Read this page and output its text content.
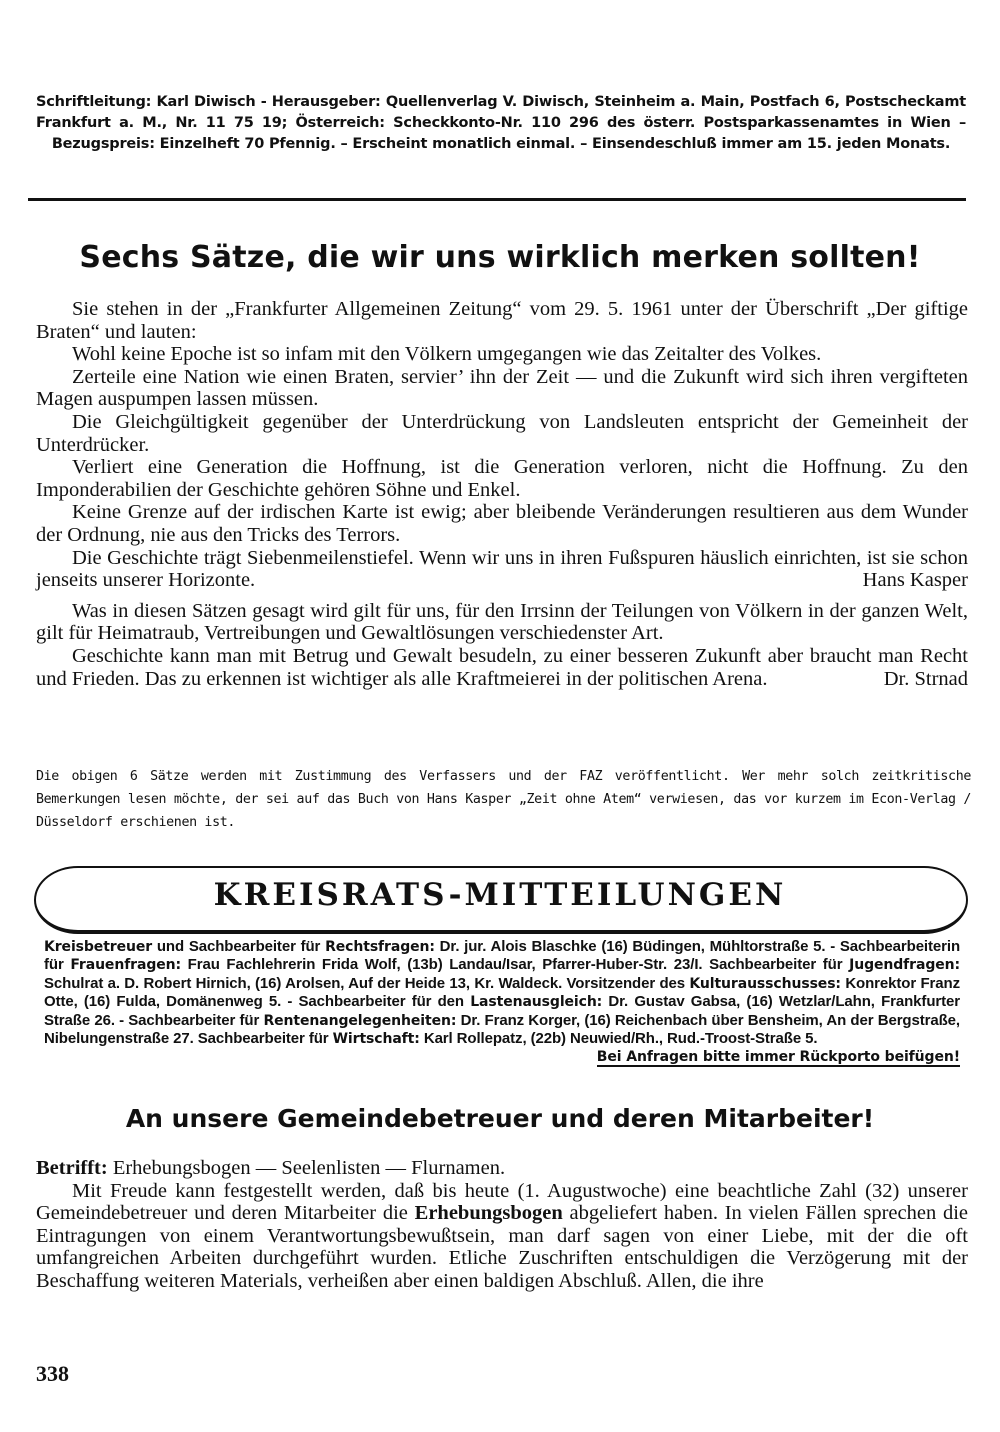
Schriftleitung: Karl Diwisch - Herausgeber: Quellenverlag V. Diwisch, Steinheim a. Main, Postfach 6, Postscheckamt Frankfurt a. M., Nr. 11 75 19; Österreich: Scheckkonto-Nr. 110 296 des österr. Postsparkassenamtes in Wien – Bezugspreis: Einzelheft 70 Pfennig. – Erscheint monatlich einmal. – Einsendeschluß immer am 15. jeden Monats.
Sechs Sätze, die wir uns wirklich merken sollten!

Sie stehen in der „Frankfurter Allgemeinen Zeitung“ vom 29. 5. 1961 unter der Überschrift „Der giftige Braten“ und lauten:

Wohl keine Epoche ist so infam mit den Völkern umgegangen wie das Zeitalter des Volkes.

Zerteile eine Nation wie einen Braten, servier’ ihn der Zeit — und die Zukunft wird sich ihren vergifteten Magen auspumpen lassen müssen.

Die Gleichgültigkeit gegenüber der Unterdrückung von Landsleuten entspricht der Gemeinheit der Unterdrücker.

Verliert eine Generation die Hoffnung, ist die Generation verloren, nicht die Hoffnung. Zu den Imponderabilien der Geschichte gehören Söhne und Enkel.

Keine Grenze auf der irdischen Karte ist ewig; aber bleibende Veränderungen resultieren aus dem Wunder der Ordnung, nie aus den Tricks des Terrors.

Die Geschichte trägt Siebenmeilenstiefel. Wenn wir uns in ihren Fußspuren häuslich einrichten, ist sie schon jenseits unserer Horizonte.	Hans Kasper

Was in diesen Sätzen gesagt wird gilt für uns, für den Irrsinn der Teilungen von Völkern in der ganzen Welt, gilt für Heimatraub, Vertreibungen und Gewaltlösungen verschiedenster Art.

Geschichte kann man mit Betrug und Gewalt besudeln, zu einer besseren Zukunft aber braucht man Recht und Frieden. Das zu erkennen ist wichtiger als alle Kraftmeierei in der politischen Arena.	Dr. Strnad

Die obigen 6 Sätze werden mit Zustimmung des Verfassers und der FAZ veröffentlicht. Wer mehr solch zeitkritische Bemerkungen lesen möchte, der sei auf das Buch von Hans Kasper „Zeit ohne Atem“ verwiesen, das vor kurzem im Econ-Verlag / Düsseldorf erschienen ist.
KREISRATS-MITTEILUNGEN
Kreisbetreuer und Sachbearbeiter für Rechtsfragen: Dr. jur. Alois Blaschke (16) Büdingen, Mühltorstraße 5. - Sachbearbeiterin für Frauenfragen: Frau Fachlehrerin Frida Wolf, (13b) Landau/Isar, Pfarrer-Huber-Str. 23/I. Sachbearbeiter für Jugendfragen: Schulrat a. D. Robert Hirnich, (16) Arolsen, Auf der Heide 13, Kr. Waldeck. Vorsitzender des Kulturausschusses: Konrektor Franz Otte, (16) Fulda, Domänenweg 5. - Sachbearbeiter für den Lastenausgleich: Dr. Gustav Gabsa, (16) Wetzlar/Lahn, Frankfurter Straße 26. - Sachbearbeiter für Rentenangelegenheiten: Dr. Franz Korger, (16) Reichenbach über Bensheim, An der Bergstraße, Nibelungenstraße 27. Sachbearbeiter für Wirtschaft: Karl Rollepatz, (22b) Neuwied/Rh., Rud.-Troost-Straße 5.
Bei Anfragen bitte immer Rückporto beifügen!
An unsere Gemeindebetreuer und deren Mitarbeiter!

Betrifft: Erhebungsbogen — Seelenlisten — Flurnamen.

Mit Freude kann festgestellt werden, daß bis heute (1. Augustwoche) eine beachtliche Zahl (32) unserer Gemeindebetreuer und deren Mitarbeiter die Erhebungsbogen abgeliefert haben. In vielen Fällen sprechen die Eintragungen von einem Verantwortungsbewußtsein, man darf sagen von einer Liebe, mit der die oft umfangreichen Arbeiten durchgeführt wurden. Etliche Zuschriften entschuldigen die Verzögerung mit der Beschaffung weiteren Materials, verheißen aber einen baldigen Abschluß. Allen, die ihre

338
